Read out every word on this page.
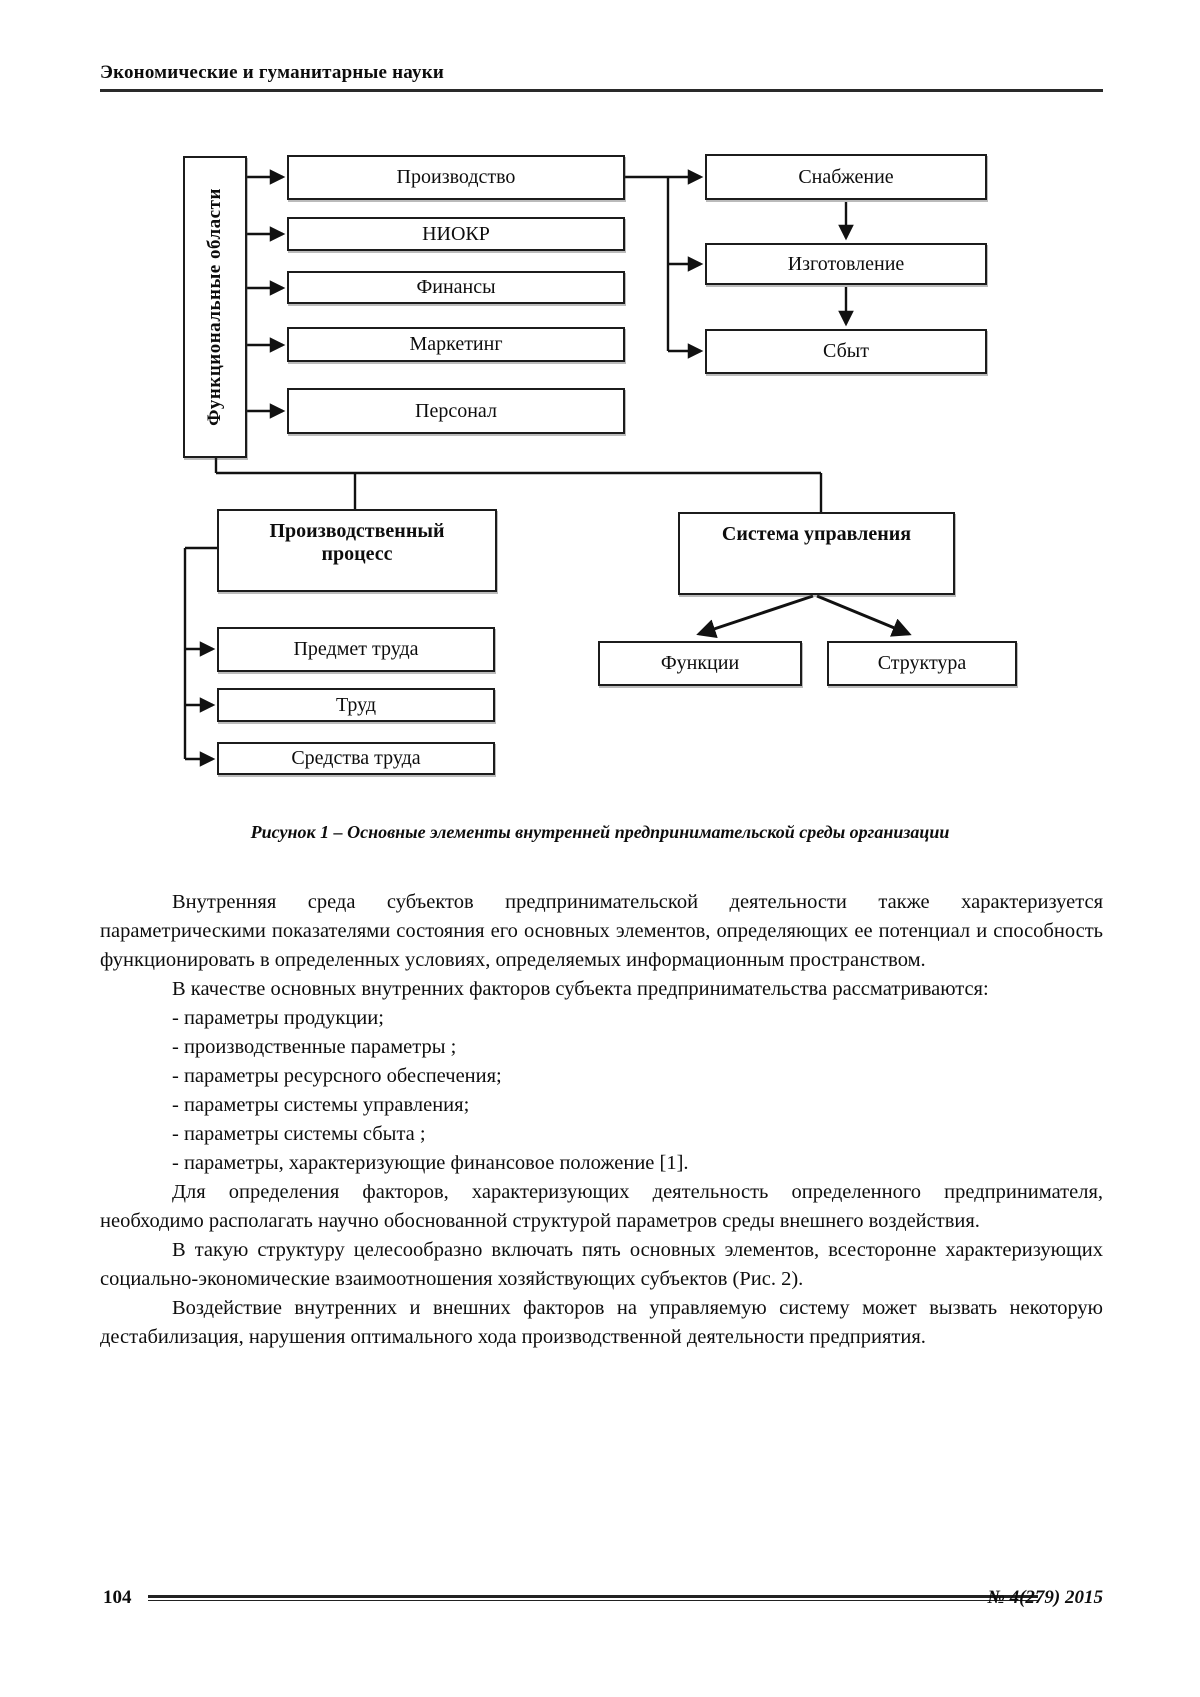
Экономические и гуманитарные науки
Функциональные области
Производство
НИОКР
Финансы
Маркетинг
Персонал
Снабжение
Изготовление
Сбыт
Производственный процесс
Система управления
Предмет труда
Труд
Средства труда
Функции	Структура
Рисунок 1 – Основные элементы внутренней предпринимательской среды организации

Внутренняя среда субъектов предпринимательской деятельности также характеризуется параметрическими показателями состояния его основных элементов, определяющих ее потенциал и способность функционировать в определенных условиях, определяемых информационным пространством.

В качестве основных внутренних факторов субъекта предпринимательства рассматриваются:

- параметры продукции;
- производственные параметры ;
- параметры ресурсного обеспечения;
- параметры системы управления;
- параметры системы сбыта ;
- параметры, характеризующие финансовое положение [1].

Для определения факторов, характеризующих деятельность определенного предпринимателя, необходимо располагать научно обоснованной структурой параметров среды внешнего воздействия.

В такую структуру целесообразно включать пять основных элементов, всесторонне характеризующих социально-экономические взаимоотношения хозяйствующих субъектов (Рис. 2).

Воздействие внутренних и внешних факторов на управляемую систему может вызвать некоторую дестабилизация, нарушения оптимального хода производственной деятельности предприятия.

104	№ 4(279) 2015
